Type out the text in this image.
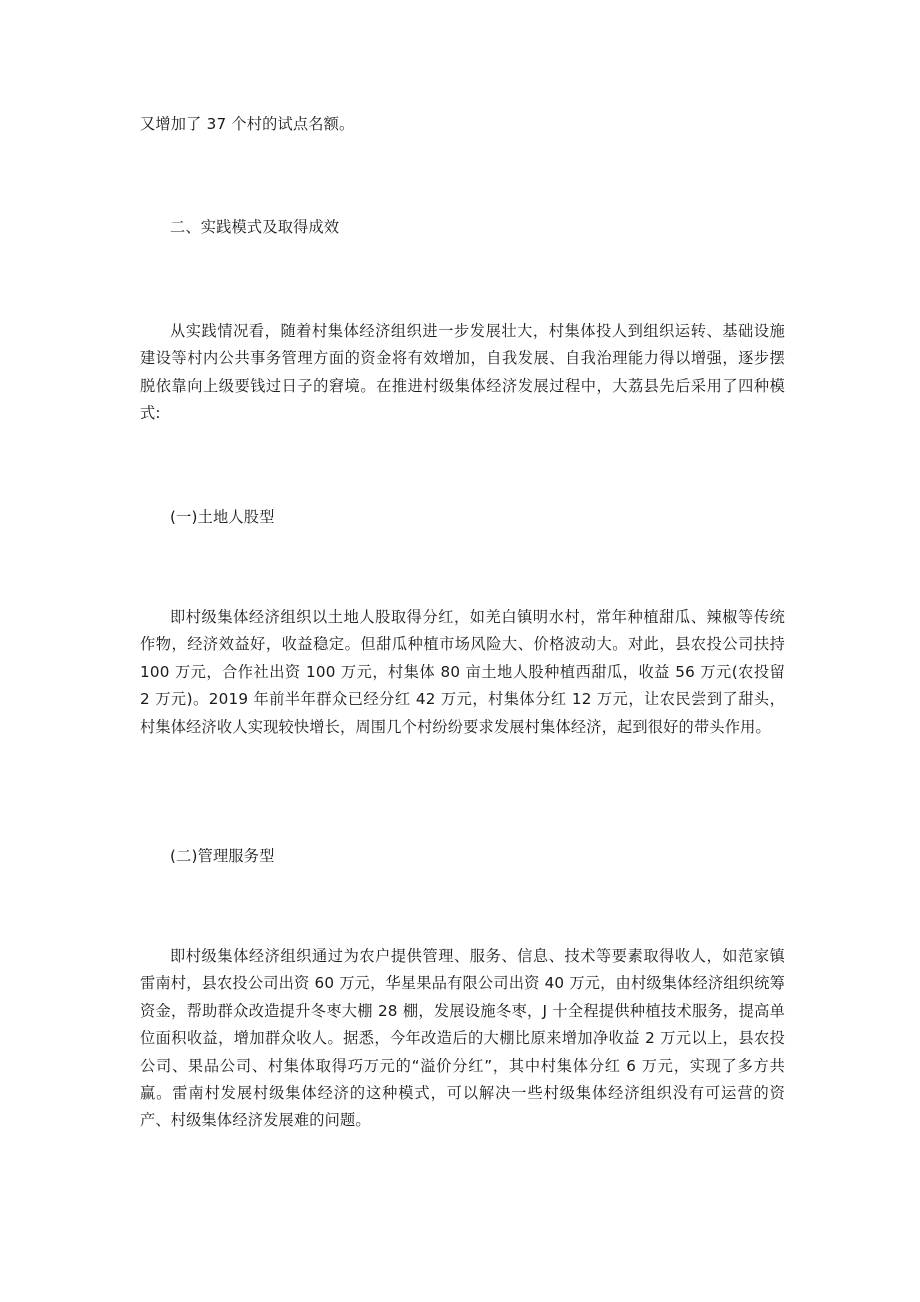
又增加了 37 个村的试点名额。

二、实践模式及取得成效

从实践情况看，随着村集体经济组织进一步发展壮大，村集体投人到组织运转、基础设施建设等村内公共事务管理方面的资金将有效增加，自我发展、自我治理能力得以增强，逐步摆脱依靠向上级要钱过日子的窘境。在推进村级集体经济发展过程中，大荔县先后采用了四种模式:

(一)土地人股型

即村级集体经济组织以土地人股取得分红，如羌白镇明水村，常年种植甜瓜、辣椒等传统作物，经济效益好，收益稳定。但甜瓜种植市场风险大、价格波动大。对此，县农投公司扶持 100 万元，合作社出资 100 万元，村集体 80 亩土地人股种植西甜瓜，收益 56 万元(农投留 2 万元)。2019 年前半年群众已经分红 42 万元，村集体分红 12 万元，让农民尝到了甜头，村集体经济收人实现较快增长，周围几个村纷纷要求发展村集体经济，起到很好的带头作用。

(二)管理服务型

即村级集体经济组织通过为农户提供管理、服务、信息、技术等要素取得收人，如范家镇雷南村，县农投公司出资 60 万元，华星果品有限公司出资 40 万元，由村级集体经济组织统筹资金，帮助群众改造提升冬枣大棚 28 棚，发展设施冬枣，J 十全程提供种植技术服务，提高单位面积收益，增加群众收人。据悉，今年改造后的大棚比原来增加净收益 2 万元以上，县农投公司、果品公司、村集体取得巧万元的“溢价分红”，其中村集体分红 6 万元，实现了多方共赢。雷南村发展村级集体经济的这种模式，可以解决一些村级集体经济组织没有可运营的资产、村级集体经济发展难的问题。
